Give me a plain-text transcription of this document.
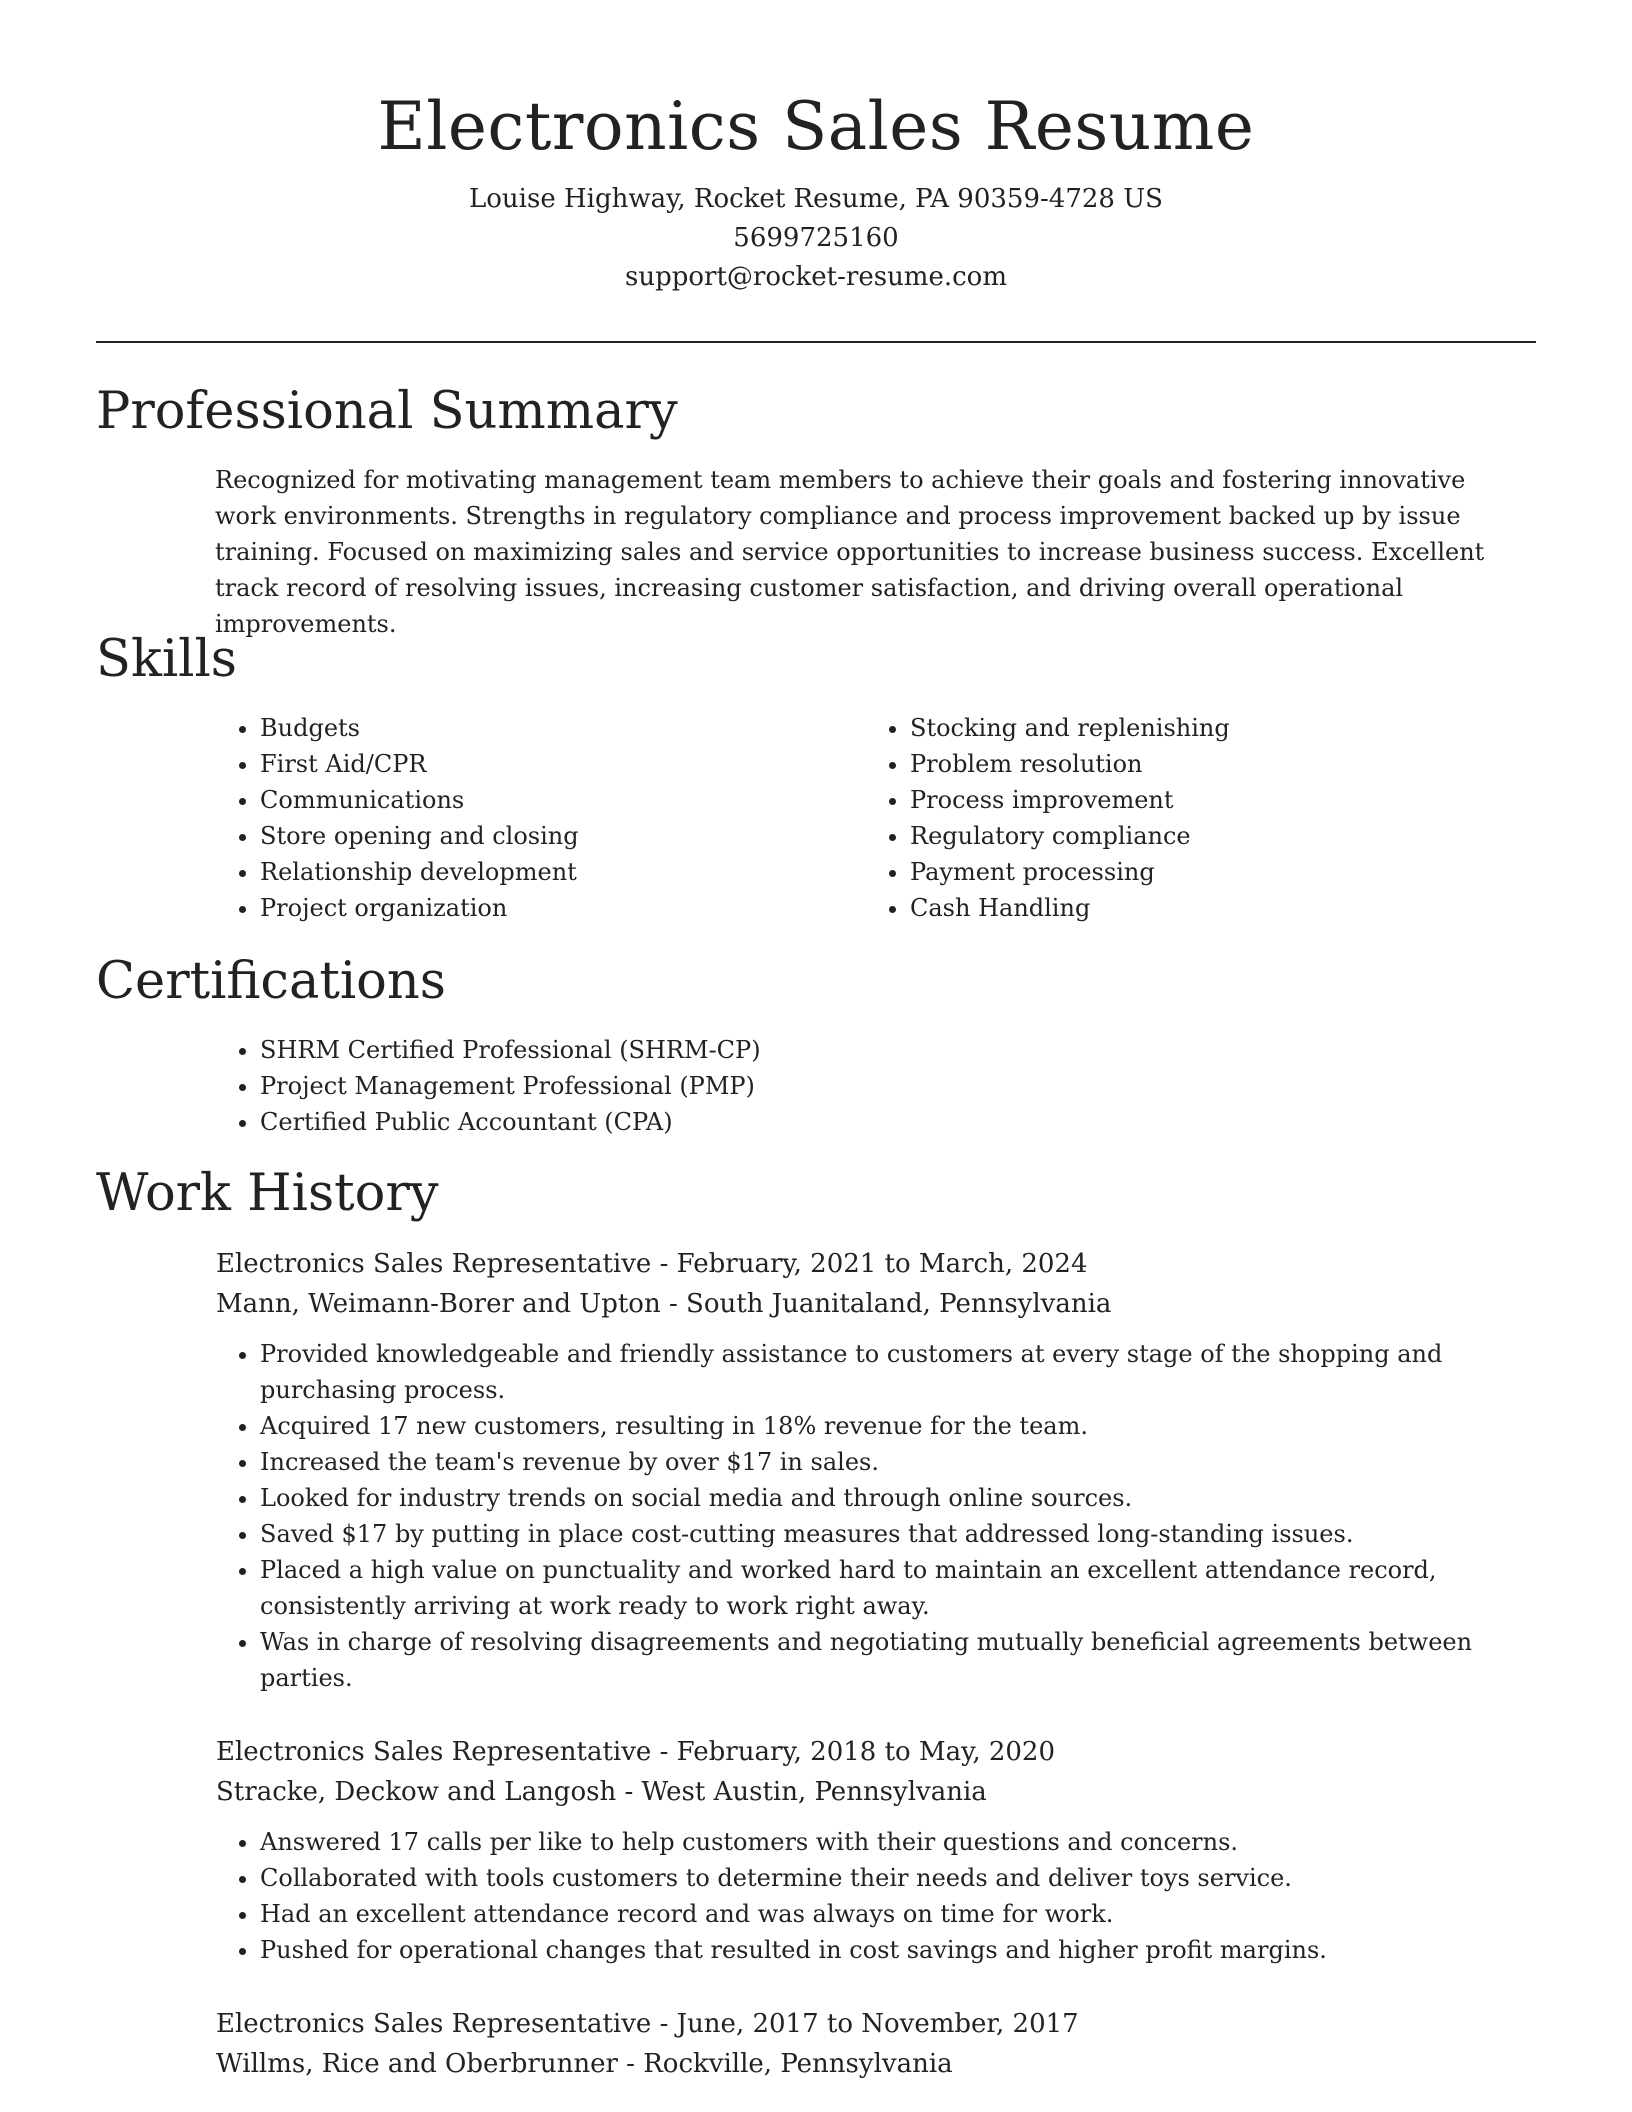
Electronics Sales Resume

Louise Highway, Rocket Resume, PA 90359-4728 US

5699725160

support@rocket-resume.com

Professional Summary

Recognized for motivating management team members to achieve their goals and fostering innovative work environments. Strengths in regulatory compliance and process improvement backed up by issue training. Focused on maximizing sales and service opportunities to increase business success. Excellent track record of resolving issues, increasing customer satisfaction, and driving overall operational improvements.

Skills
• Budgets
• First Aid/CPR
• Communications
• Store opening and closing
• Relationship development
• Project organization
• Stocking and replenishing
• Problem resolution
• Process improvement
• Regulatory compliance
• Payment processing
• Cash Handling
Certifications
• SHRM Certified Professional (SHRM-CP)
• Project Management Professional (PMP)
• Certified Public Accountant (CPA)
Work History

Electronics Sales Representative - February, 2021 to March, 2024

Mann, Weimann-Borer and Upton - South Juanitaland, Pennsylvania

• Provided knowledgeable and friendly assistance to customers at every stage of the shopping and purchasing process.
• Acquired 17 new customers, resulting in 18% revenue for the team.
• Increased the team's revenue by over $17 in sales.
• Looked for industry trends on social media and through online sources.
• Saved $17 by putting in place cost-cutting measures that addressed long-standing issues.
• Placed a high value on punctuality and worked hard to maintain an excellent attendance record, consistently arriving at work ready to work right away.
• Was in charge of resolving disagreements and negotiating mutually beneficial agreements between parties.

Electronics Sales Representative - February, 2018 to May, 2020

Stracke, Deckow and Langosh - West Austin, Pennsylvania

• Answered 17 calls per like to help customers with their questions and concerns.
• Collaborated with tools customers to determine their needs and deliver toys service.
• Had an excellent attendance record and was always on time for work.
• Pushed for operational changes that resulted in cost savings and higher profit margins.

Electronics Sales Representative - June, 2017 to November, 2017

Willms, Rice and Oberbrunner - Rockville, Pennsylvania
